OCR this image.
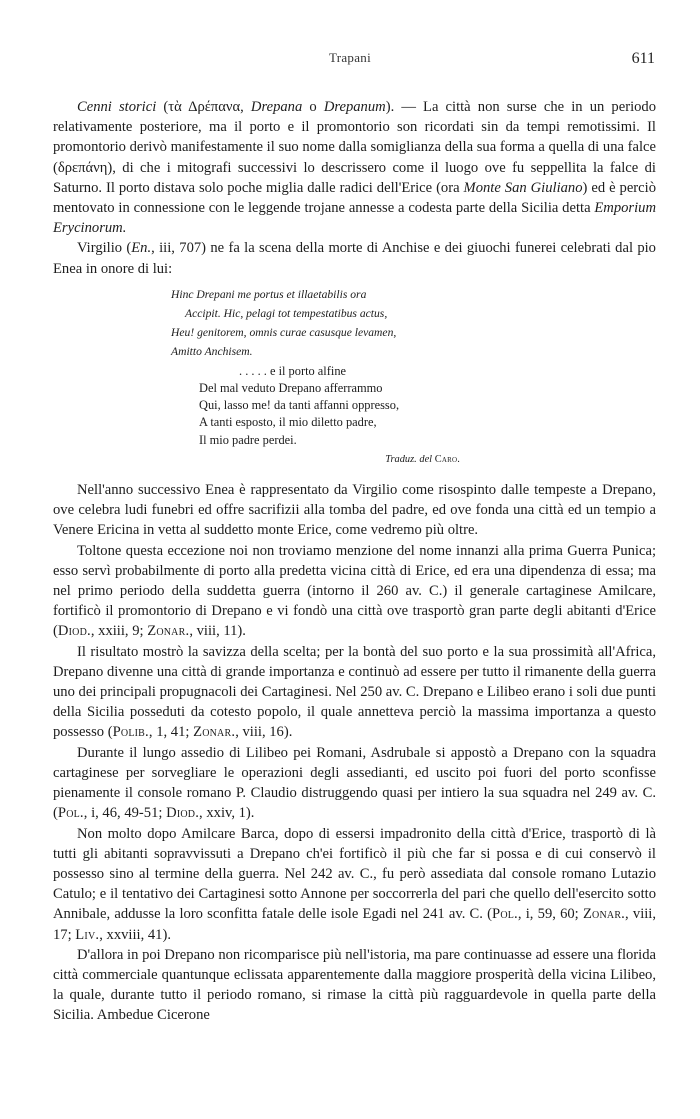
Trapani	611

Cenni storici (τὰ Δρέπανα, Drepana o Drepanum). — La città non surse che in un periodo relativamente posteriore, ma il porto e il promontorio son ricordati sin da tempi remotissimi. Il promontorio derivò manifestamente il suo nome dalla somiglianza della sua forma a quella di una falce (δρεπάνη), di che i mitografi successivi lo descrissero come il luogo ove fu seppellita la falce di Saturno. Il porto distava solo poche miglia dalle radici dell'Erice (ora Monte San Giuliano) ed è perciò mentovato in connessione con le leggende trojane annesse a codesta parte della Sicilia detta Emporium Erycinorum.

Virgilio (En., iii, 707) ne fa la scena della morte di Anchise e dei giuochi funerei celebrati dal pio Enea in onore di lui:

Hinc Drepani me portus et illaetabilis ora
Accipit. Hic, pelagi tot tempestatibus actus,
Heu! genitorem, omnis curae casusque levamen,
Amitto Anchisem.
. . . . . e il porto alfine
Del mal veduto Drepano afferrammo
Qui, lasso me! da tanti affanni oppresso,
A tanti esposto, il mio diletto padre,
Il mio padre perdei.
Traduz. del Caro.

Nell'anno successivo Enea è rappresentato da Virgilio come risospinto dalle tempeste a Drepano, ove celebra ludi funebri ed offre sacrifizii alla tomba del padre, ed ove fonda una città ed un tempio a Venere Ericina in vetta al suddetto monte Erice, come vedremo più oltre.

Toltone questa eccezione noi non troviamo menzione del nome innanzi alla prima Guerra Punica; esso servì probabilmente di porto alla predetta vicina città di Erice, ed era una dipendenza di essa; ma nel primo periodo della suddetta guerra (intorno il 260 av. C.) il generale cartaginese Amilcare, fortificò il promontorio di Drepano e vi fondò una città ove trasportò gran parte degli abitanti d'Erice (Diod., xxiii, 9; Zonar., viii, 11).

Il risultato mostrò la savizza della scelta; per la bontà del suo porto e la sua prossimità all'Africa, Drepano divenne una città di grande importanza e continuò ad essere per tutto il rimanente della guerra uno dei principali propugnacoli dei Cartaginesi. Nel 250 av. C. Drepano e Lilibeo erano i soli due punti della Sicilia posseduti da cotesto popolo, il quale annetteva perciò la massima importanza a questo possesso (Polib., 1, 41; Zonar., viii, 16).

Durante il lungo assedio di Lilibeo pei Romani, Asdrubale si appostò a Drepano con la squadra cartaginese per sorvegliare le operazioni degli assedianti, ed uscito poi fuori del porto sconfisse pienamente il console romano P. Claudio distruggendo quasi per intiero la sua squadra nel 249 av. C. (Pol., i, 46, 49-51; Diod., xxiv, 1).

Non molto dopo Amilcare Barca, dopo di essersi impadronito della città d'Erice, trasportò di là tutti gli abitanti sopravvissuti a Drepano ch'ei fortificò il più che far si possa e di cui conservò il possesso sino al termine della guerra. Nel 242 av. C., fu però assediata dal console romano Lutazio Catulo; e il tentativo dei Cartaginesi sotto Annone per soccorrerla del pari che quello dell'esercito sotto Annibale, addusse la loro sconfitta fatale delle isole Egadi nel 241 av. C. (Pol., i, 59, 60; Zonar., viii, 17; Liv., xxviii, 41).

D'allora in poi Drepano non ricomparisce più nell'istoria, ma pare continuasse ad essere una florida città commerciale quantunque eclissata apparentemente dalla maggiore prosperità della vicina Lilibeo, la quale, durante tutto il periodo romano, si rimase la città più ragguardevole in quella parte della Sicilia. Ambedue Cicerone
